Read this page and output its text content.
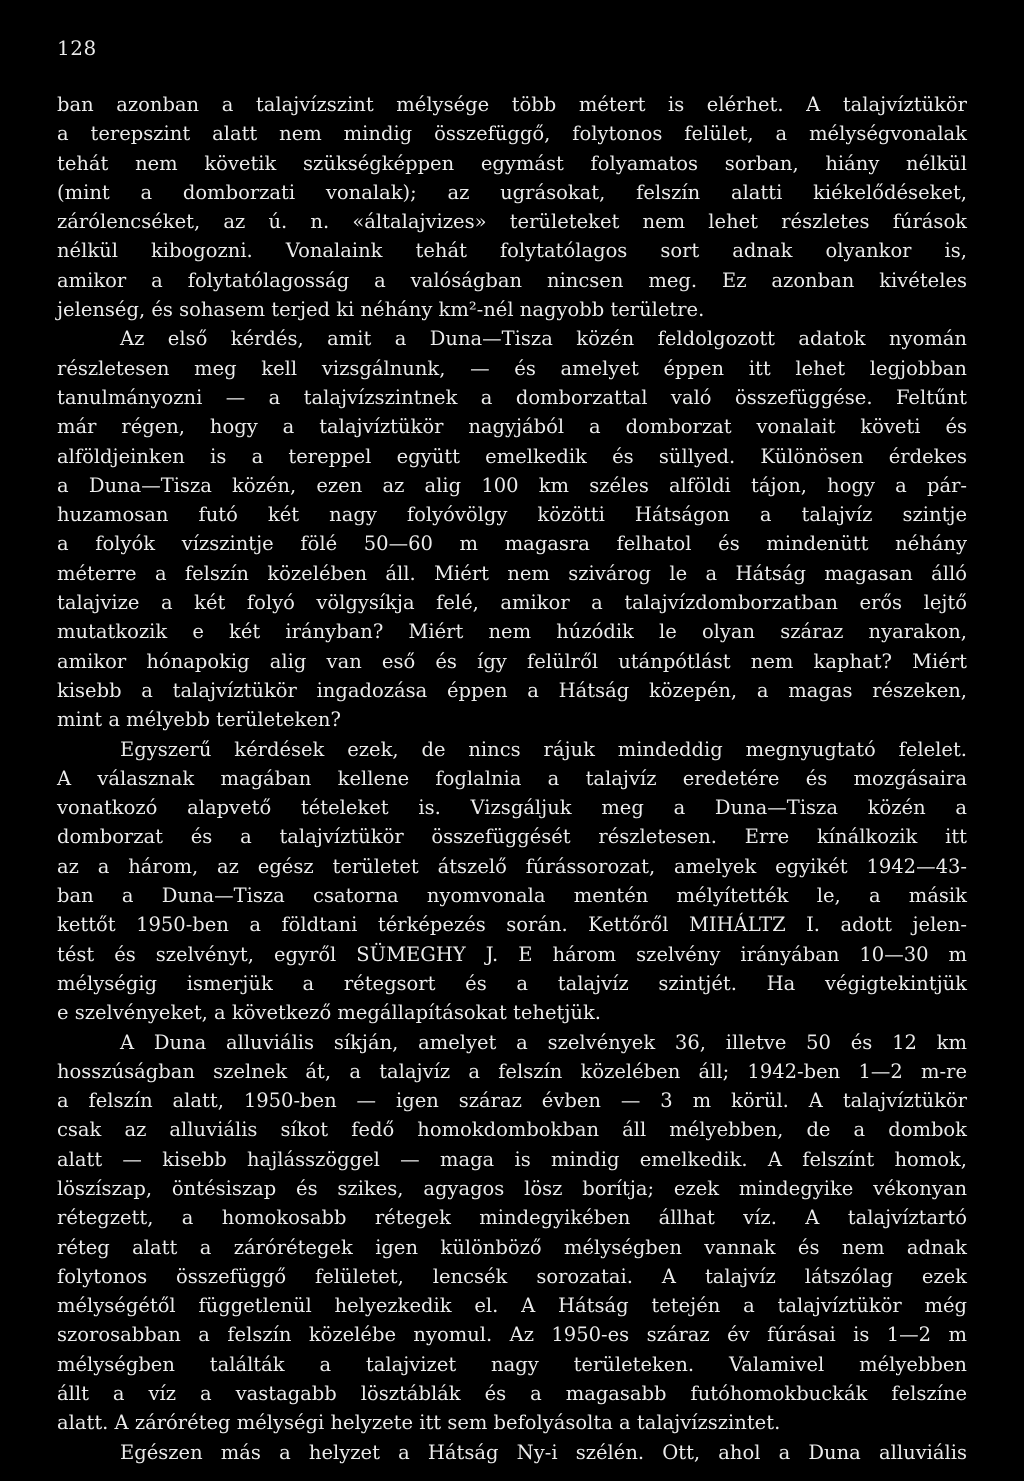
128
ban azonban a talajvízszint mélysége több métert is elérhet. A talajvíztükör
a terepszint alatt nem mindig összefüggő, folytonos felület, a mélységvonalak
tehát nem követik szükségképpen egymást folyamatos sorban, hiány nélkül
(mint a domborzati vonalak); az ugrásokat, felszín alatti kiékelődéseket,
zárólencséket, az ú. n. «általajvizes» területeket nem lehet részletes fúrások
nélkül kibogozni. Vonalaink tehát folytatólagos sort adnak olyankor is,
amikor a folytatólagosság a valóságban nincsen meg. Ez azonban kivételes
jelenség, és sohasem terjed ki néhány km²-nél nagyobb területre.
Az első kérdés, amit a Duna—Tisza közén feldolgozott adatok nyomán
részletesen meg kell vizsgálnunk, — és amelyet éppen itt lehet legjobban
tanulmányozni — a talajvízszintnek a domborzattal való összefüggése. Feltűnt
már régen, hogy a talajvíztükör nagyjából a domborzat vonalait követi és
alföldjeinken is a tereppel együtt emelkedik és süllyed. Különösen érdekes
a Duna—Tisza közén, ezen az alig 100 km széles alföldi tájon, hogy a pár-
huzamosan futó két nagy folyóvölgy közötti Hátságon a talajvíz szintje
a folyók vízszintje fölé 50—60 m magasra felhatol és mindenütt néhány
méterre a felszín közelében áll. Miért nem szivárog le a Hátság magasan álló
talajvize a két folyó völgysíkja felé, amikor a talajvízdomborzatban erős lejtő
mutatkozik e két irányban? Miért nem húzódik le olyan száraz nyarakon,
amikor hónapokig alig van eső és így felülről utánpótlást nem kaphat? Miért
kisebb a talajvíztükör ingadozása éppen a Hátság közepén, a magas részeken,
mint a mélyebb területeken?
Egyszerű kérdések ezek, de nincs rájuk mindeddig megnyugtató felelet.
A válasznak magában kellene foglalnia a talajvíz eredetére és mozgásaira
vonatkozó alapvető tételeket is. Vizsgáljuk meg a Duna—Tisza közén a
domborzat és a talajvíztükör összefüggését részletesen. Erre kínálkozik itt
az a három, az egész területet átszelő fúrássorozat, amelyek egyikét 1942—43-
ban a Duna—Tisza csatorna nyomvonala mentén mélyítették le, a másik
kettőt 1950-ben a földtani térképezés során. Kettőről MIHÁLTZ I. adott jelen-
tést és szelvényt, egyről SÜMEGHY J. E három szelvény irányában 10—30 m
mélységig ismerjük a rétegsort és a talajvíz szintjét. Ha végigtekintjük
e szelvényeket, a következő megállapításokat tehetjük.
A Duna alluviális síkján, amelyet a szelvények 36, illetve 50 és 12 km
hosszúságban szelnek át, a talajvíz a felszín közelében áll; 1942-ben 1—2 m-re
a felszín alatt, 1950-ben — igen száraz évben — 3 m körül. A talajvíztükör
csak az alluviális síkot fedő homokdombokban áll mélyebben, de a dombok
alatt — kisebb hajlásszöggel — maga is mindig emelkedik. A felszínt homok,
löszíszap, öntésiszap és szikes, agyagos lösz borítja; ezek mindegyike vékonyan
rétegzett, a homokosabb rétegek mindegyikében állhat víz. A talajvíztartó
réteg alatt a zárórétegek igen különböző mélységben vannak és nem adnak
folytonos összefüggő felületet, lencsék sorozatai. A talajvíz látszólag ezek
mélységétől függetlenül helyezkedik el. A Hátság tetején a talajvíztükör még
szorosabban a felszín közelébe nyomul. Az 1950-es száraz év fúrásai is 1—2 m
mélységben találták a talajvizet nagy területeken. Valamivel mélyebben
állt a víz a vastagabb lösztáblák és a magasabb futóhomokbuckák felszíne
alatt. A záróréteg mélységi helyzete itt sem befolyásolta a talajvízszintet.
Egészen más a helyzet a Hátság Ny-i szélén. Ott, ahol a Duna alluviális
